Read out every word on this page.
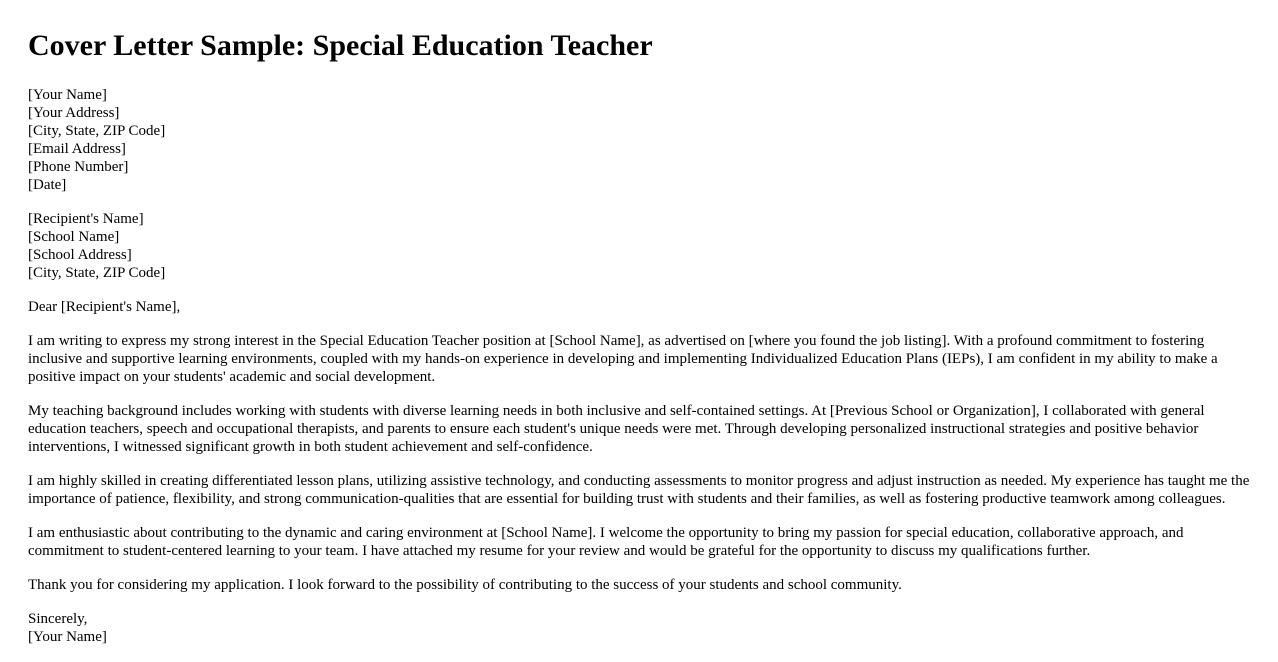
Cover Letter Sample: Special Education Teacher
[Your Name]
[Your Address]
[City, State, ZIP Code]
[Email Address]
[Phone Number]
[Date]
[Recipient's Name]
[School Name]
[School Address]
[City, State, ZIP Code]

Dear [Recipient's Name],

I am writing to express my strong interest in the Special Education Teacher position at [School Name], as advertised on [where you found the job listing]. With a profound commitment to fostering inclusive and supportive learning environments, coupled with my hands-on experience in developing and implementing Individualized Education Plans (IEPs), I am confident in my ability to make a positive impact on your students' academic and social development.

My teaching background includes working with students with diverse learning needs in both inclusive and self-contained settings. At [Previous School or Organization], I collaborated with general education teachers, speech and occupational therapists, and parents to ensure each student's unique needs were met. Through developing personalized instructional strategies and positive behavior interventions, I witnessed significant growth in both student achievement and self-confidence.

I am highly skilled in creating differentiated lesson plans, utilizing assistive technology, and conducting assessments to monitor progress and adjust instruction as needed. My experience has taught me the importance of patience, flexibility, and strong communication-qualities that are essential for building trust with students and their families, as well as fostering productive teamwork among colleagues.

I am enthusiastic about contributing to the dynamic and caring environment at [School Name]. I welcome the opportunity to bring my passion for special education, collaborative approach, and commitment to student-centered learning to your team. I have attached my resume for your review and would be grateful for the opportunity to discuss my qualifications further.

Thank you for considering my application. I look forward to the possibility of contributing to the success of your students and school community.

Sincerely,
[Your Name]
